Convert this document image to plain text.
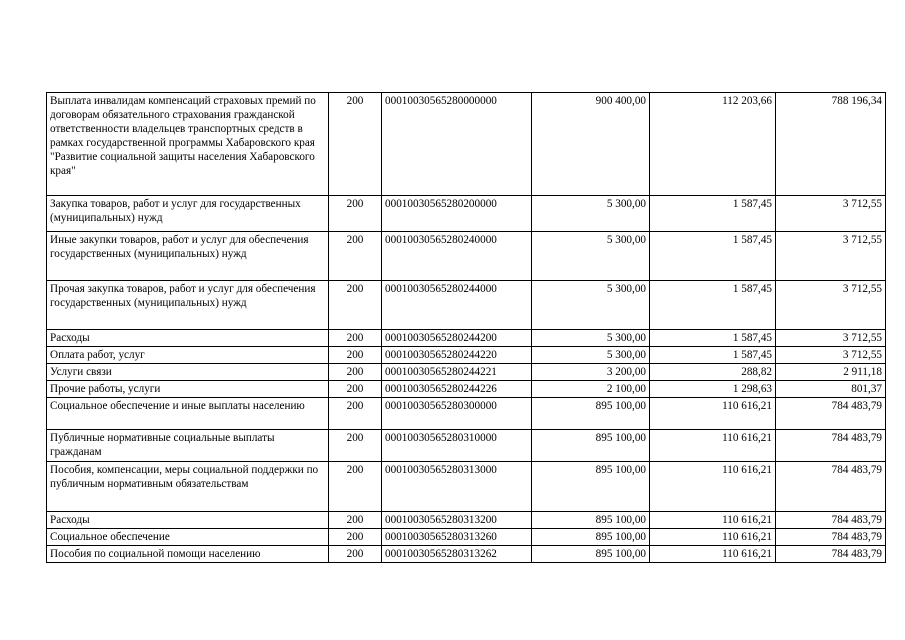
Выплата инвалидам компенсаций страховых премий по договорам обязательного страхования гражданской ответственности владельцев транспортных средств в рамках государственной программы Хабаровского края "Развитие социальной защиты населения Хабаровского края"	200	00010030565280000000	900 400,00	112 203,66	788 196,34
Закупка товаров, работ и услуг для государственных (муниципальных) нужд	200	00010030565280200000	5 300,00	1 587,45	3 712,55
Иные закупки товаров, работ и услуг для обеспечения государственных (муниципальных) нужд	200	00010030565280240000	5 300,00	1 587,45	3 712,55
Прочая закупка товаров, работ и услуг для обеспечения государственных (муниципальных) нужд	200	00010030565280244000	5 300,00	1 587,45	3 712,55
Расходы	200	00010030565280244200	5 300,00	1 587,45	3 712,55
Оплата работ, услуг	200	00010030565280244220	5 300,00	1 587,45	3 712,55
Услуги связи	200	00010030565280244221	3 200,00	288,82	2 911,18
Прочие работы, услуги	200	00010030565280244226	2 100,00	1 298,63	801,37
Социальное обеспечение и иные выплаты населению	200	00010030565280300000	895 100,00	110 616,21	784 483,79
Публичные нормативные социальные выплаты гражданам	200	00010030565280310000	895 100,00	110 616,21	784 483,79
Пособия, компенсации, меры социальной поддержки по публичным нормативным обязательствам	200	00010030565280313000	895 100,00	110 616,21	784 483,79
Расходы	200	00010030565280313200	895 100,00	110 616,21	784 483,79
Социальное обеспечение	200	00010030565280313260	895 100,00	110 616,21	784 483,79
Пособия по социальной помощи населению	200	00010030565280313262	895 100,00	110 616,21	784 483,79
